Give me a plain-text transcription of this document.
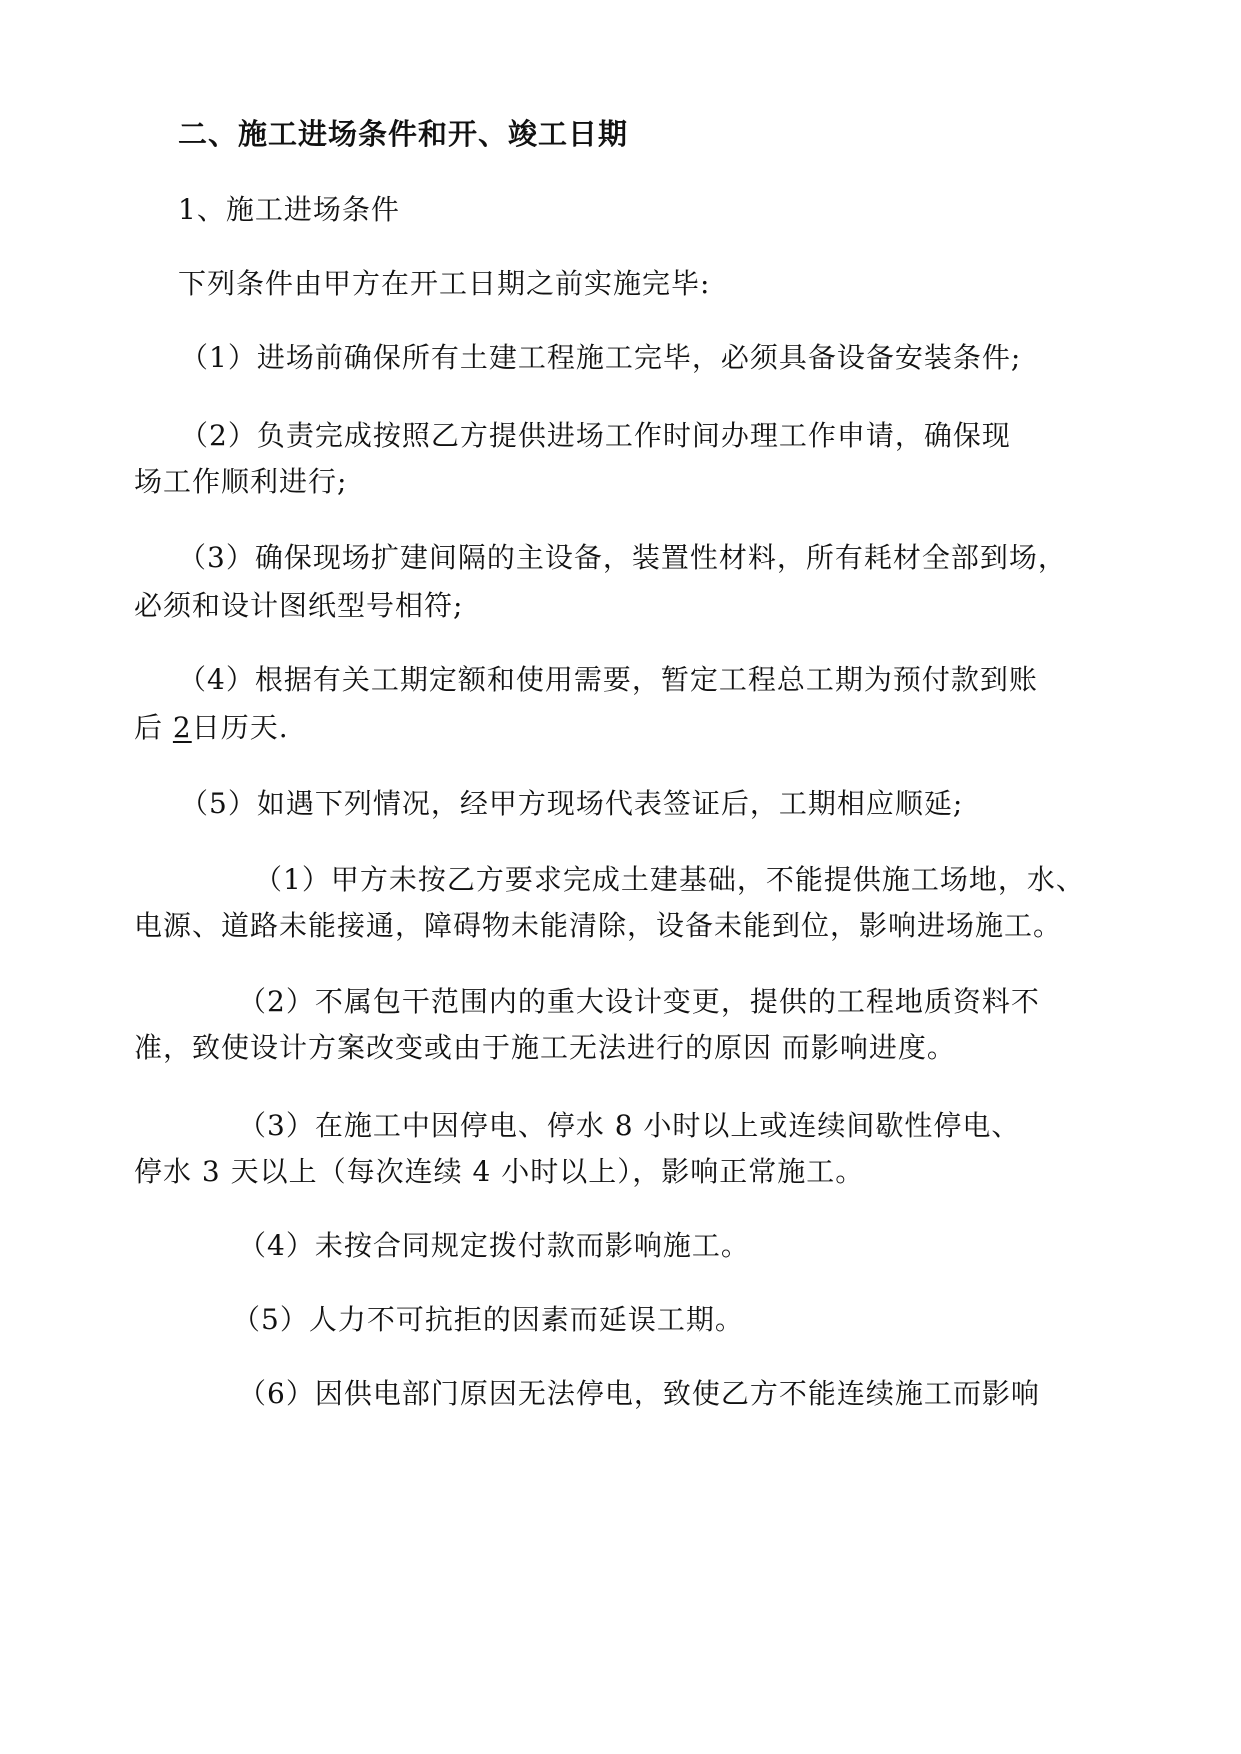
二、施工进场条件和开、竣工日期
1、施工进场条件
下列条件由甲方在开工日期之前实施完毕:
（1）进场前确保所有土建工程施工完毕，必须具备设备安装条件;
（2）负责完成按照乙方提供进场工作时间办理工作申请，确保现
场工作顺利进行;
（3）确保现场扩建间隔的主设备，装置性材料，所有耗材全部到场，
必须和设计图纸型号相符;
（4）根据有关工期定额和使用需要，暂定工程总工期为预付款到账
后 2日历天.
（5）如遇下列情况，经甲方现场代表签证后，工期相应顺延;
（1）甲方未按乙方要求完成土建基础，不能提供施工场地，水、
电源、道路未能接通，障碍物未能清除，设备未能到位，影响进场施工。
（2）不属包干范围内的重大设计变更，提供的工程地质资料不
准，致使设计方案改变或由于施工无法进行的原因 而影响进度。
（3）在施工中因停电、停水 8 小时以上或连续间歇性停电、
停水 3 天以上（每次连续 4 小时以上），影响正常施工。
（4）未按合同规定拨付款而影响施工。
（5）人力不可抗拒的因素而延误工期。
（6）因供电部门原因无法停电，致使乙方不能连续施工而影响
